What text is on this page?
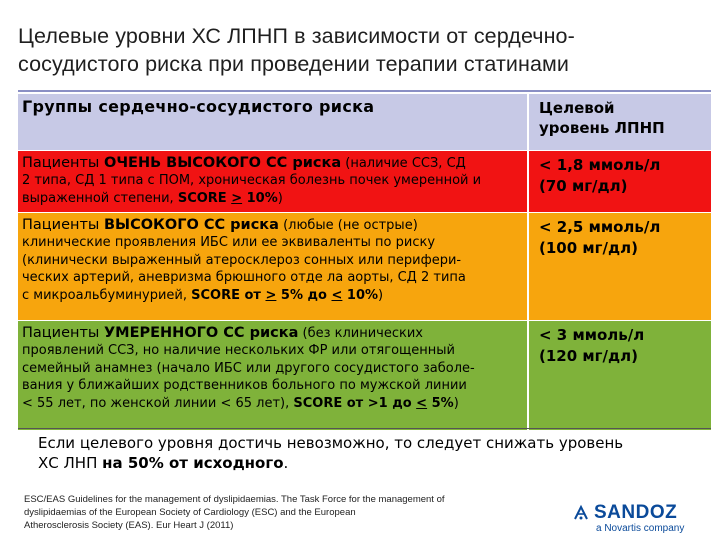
Целевые уровни ХС ЛПНП в зависимости от сердечно-
сосудистого риска при проведении терапии статинами
Группы сердечно-сосудистого риска	Целевой
уровень ЛПНП

Пациенты ОЧЕНЬ ВЫСОКОГО СС риска (наличие ССЗ, СД
2 типа, СД 1 типа с ПОМ, хроническая болезнь почек умеренной и
выраженной степени, SCORE > 10%)	< 1,8 ммоль/л
(70 мг/дл)

Пациенты ВЫСОКОГО СС риска (любые (не острые)
клинические проявления ИБС или ее эквиваленты по риску
(клинически выраженный атеросклероз сонных или перифери-
ческих артерий, аневризма брюшного отде ла аорты, СД 2 типа
с микроальбуминурией, SCORE от > 5% до < 10%)	< 2,5 ммоль/л
(100 мг/дл)

Пациенты УМЕРЕННОГО СС риска (без клинических
проявлений ССЗ, но наличие нескольких ФР или отягощенный
семейный анамнез (начало ИБС или другого сосудистого заболе-
вания у ближайших родственников больного по мужской линии
< 55 лет, по женской линии < 65 лет), SCORE от >1 до < 5%)	< 3 ммоль/л
(120 мг/дл)
Если целевого уровня достичь невозможно, то следует снижать уровень
ХС ЛНП на 50% от исходного.
ESC/EAS Guidelines for the management of dyslipidaemias. The Task Force for the management of
dyslipidaemias of the European Society of Cardiology (ESC) and the European
Atherosclerosis Society (EAS). Eur Heart J (2011)
SANDOZ
a Novartis company
